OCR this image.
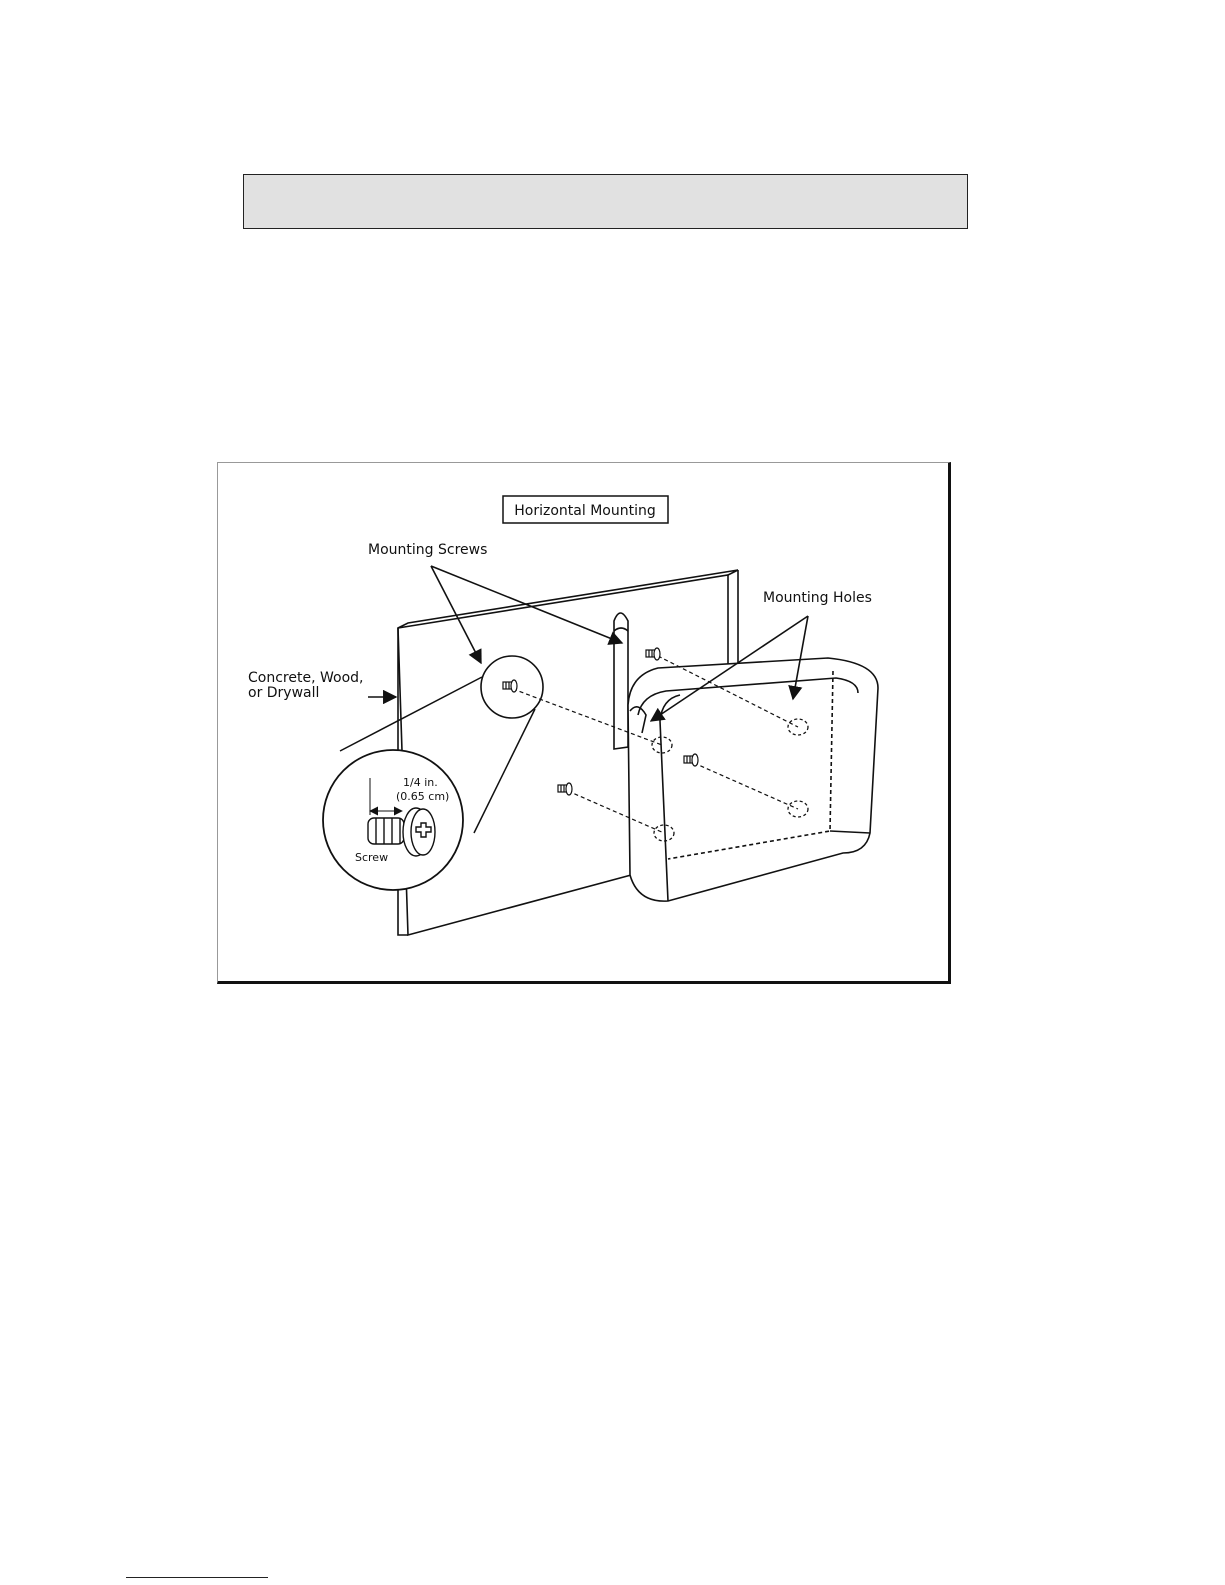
Horizontal Mounting
Mounting Screws
Mounting Holes
Concrete, Wood,
or Drywall
1/4 in.
(0.65 cm)
Screw
